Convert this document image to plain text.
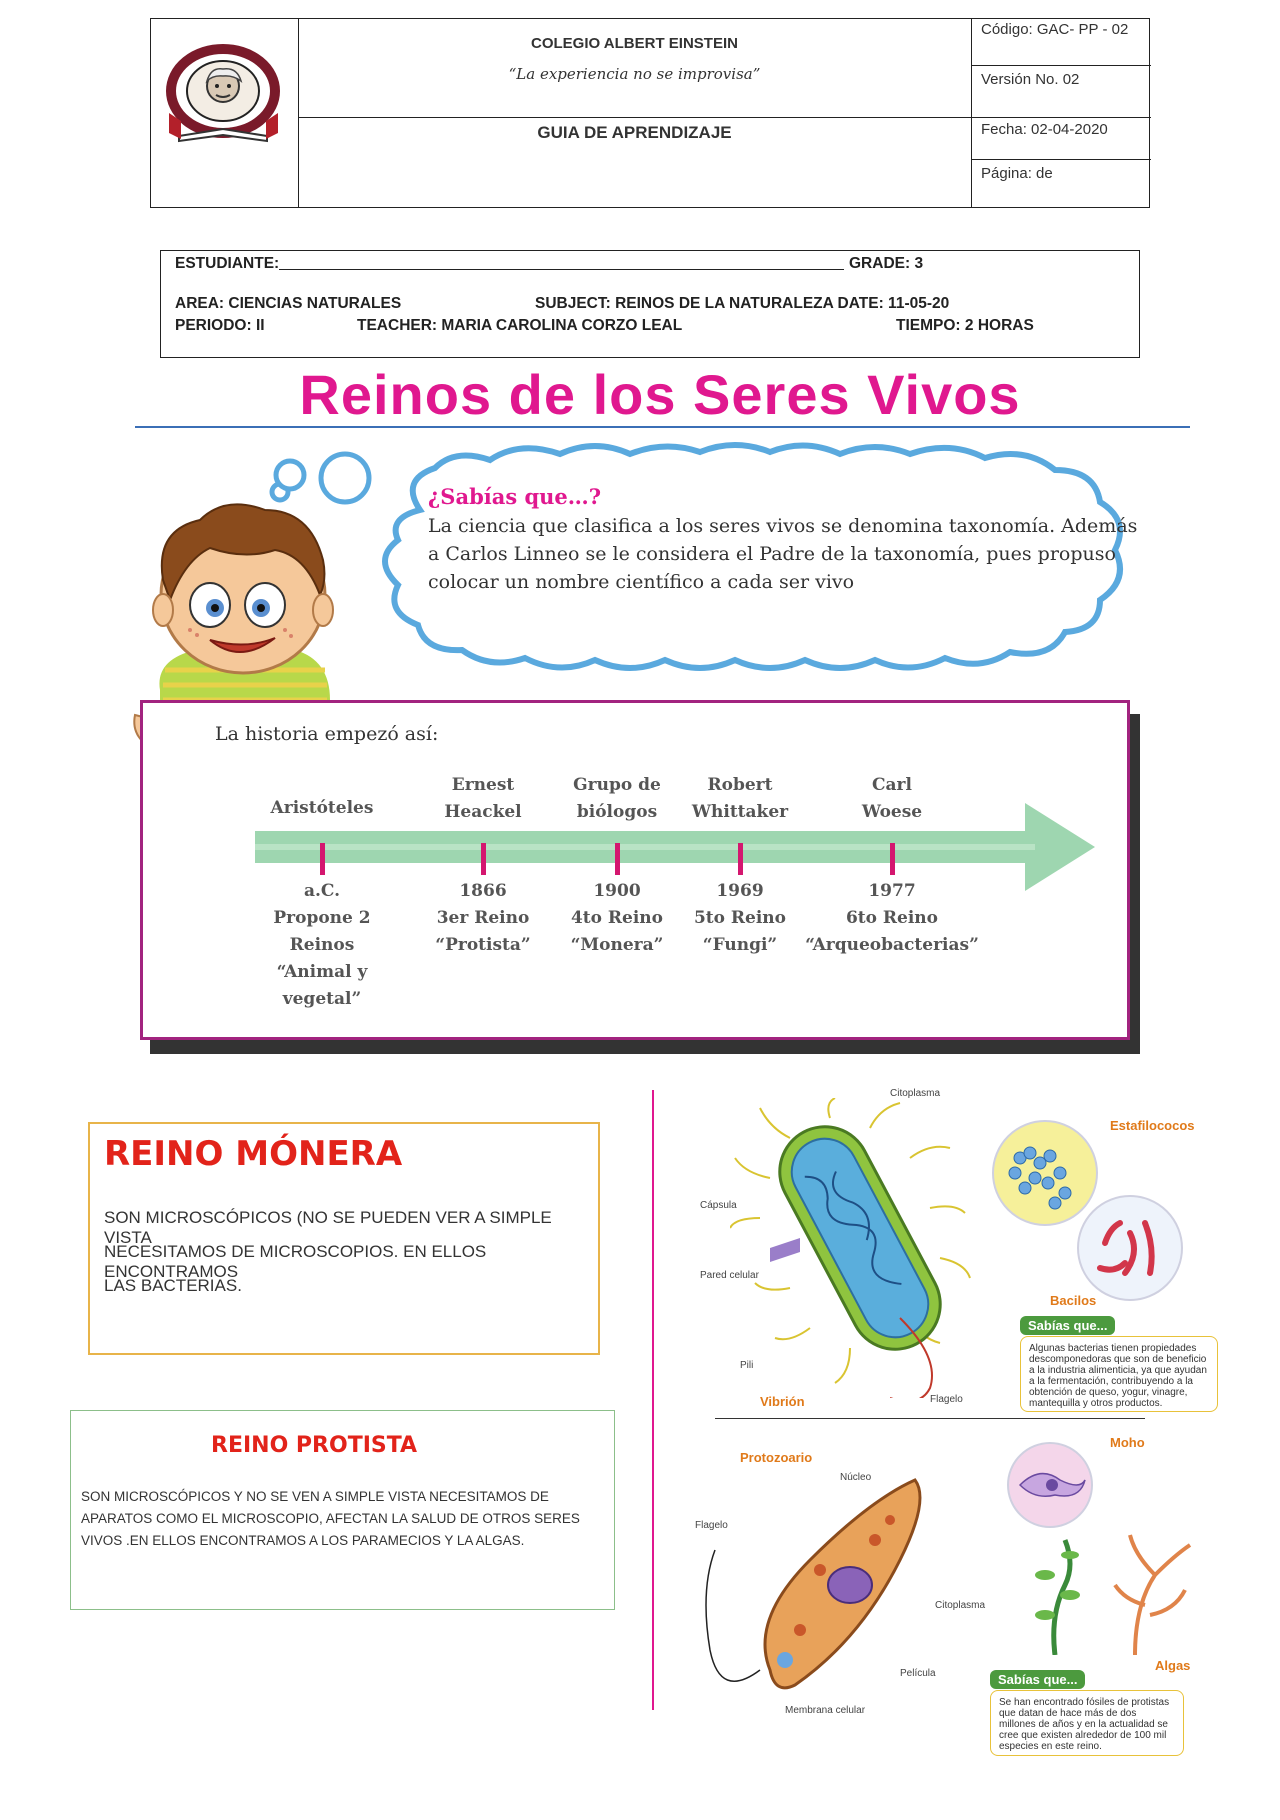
COLEGIO ALBERT EINSTEIN
“La experiencia no se improvisa”
GUIA DE APRENDIZAJE
Código: GAC- PP - 02
Versión No. 02
Fecha: 02-04-2020
Página: de
ESTUDIANTE:	GRADE: 3
AREA: CIENCIAS NATURALES	SUBJECT: REINOS DE LA NATURALEZA DATE: 11-05-20
PERIODO: II	TEACHER: MARIA CAROLINA CORZO LEAL	TIEMPO: 2 HORAS
Reinos de los Seres Vivos
¿Sabías que…?
La ciencia que clasifica a los seres vivos se denomina taxonomía. Además
a Carlos Linneo se le considera el Padre de la taxonomía, pues propuso
colocar un nombre científico a cada ser vivo
La historia empezó así:
Aristóteles
a.C.
Propone 2
Reinos
“Animal y
vegetal”
Ernest
Heackel
1866
3er Reino
“Protista”
Grupo de
biólogos
1900
4to Reino
“Monera”
Robert
Whittaker
1969
5to Reino
“Fungi”
Carl
Woese
1977
6to Reino
“Arqueobacterias”
REINO MÓNERA
SON MICROSCÓPICOS (NO SE PUEDEN VER A SIMPLE VISTA
NECESITAMOS DE MICROSCOPIOS. EN ELLOS ENCONTRAMOS
LAS BACTERIAS.
REINO PROTISTA
SON MICROSCÓPICOS Y NO SE VEN A SIMPLE VISTA NECESITAMOS DE
APARATOS COMO EL MICROSCOPIO, AFECTAN LA SALUD DE OTROS SERES
VIVOS .EN ELLOS ENCONTRAMOS A LOS PARAMECIOS Y LA ALGAS.
Citoplasma
Cápsula
Pared celular
Pili
Flagelo
Vibrión
Estafilococos
Bacilos
Sabías que...
Algunas bacterias tienen propiedades descomponedoras que son de beneficio a la industria alimenticia, ya que ayudan a la fermentación, contribuyendo a la obtención de queso, yogur, vinagre, mantequilla y otros productos.
Protozoario
Núcleo
Flagelo
Citoplasma
Película
Membrana celular
Moho
Algas
Sabías que...
Se han encontrado fósiles de protistas que datan de hace más de dos millones de años y en la actualidad se cree que existen alrededor de 100 mil especies en este reino.
